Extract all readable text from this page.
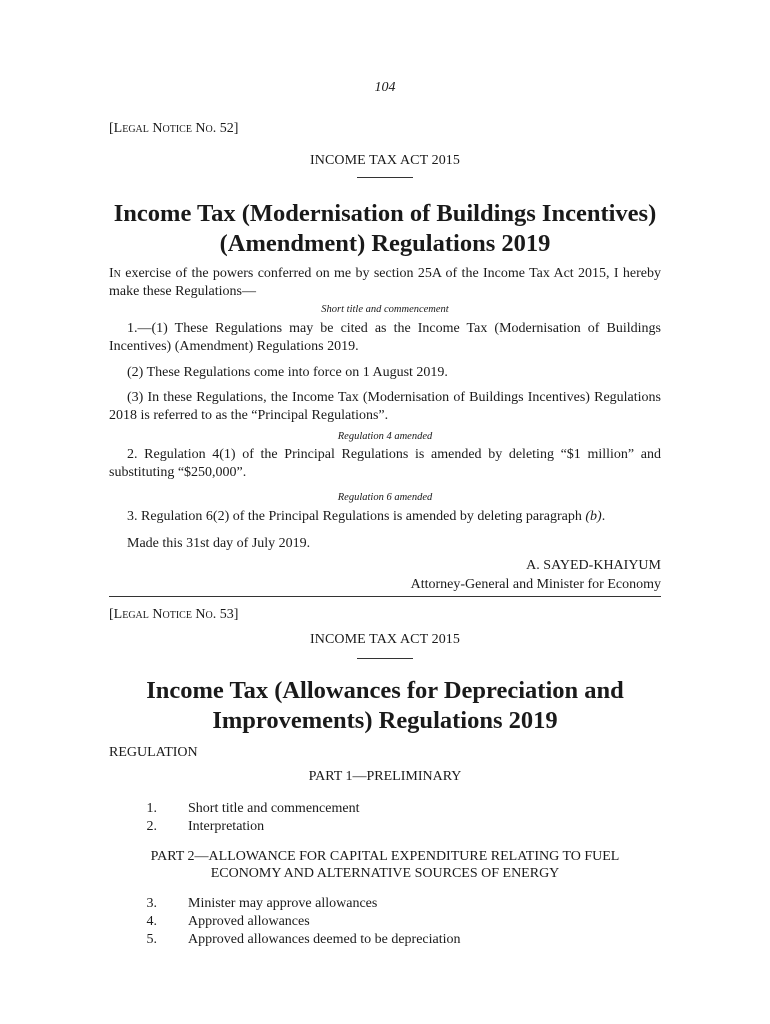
104
[Legal Notice No. 52]
INCOME TAX ACT 2015
Income Tax (Modernisation of Buildings Incentives)
(Amendment) Regulations 2019

In exercise of the powers conferred on me by section 25A of the Income Tax Act 2015, I hereby make these Regulations—

Short title and commencement

1.—(1) These Regulations may be cited as the Income Tax (Modernisation of Buildings Incentives) (Amendment) Regulations 2019.

(2) These Regulations come into force on 1 August 2019.

(3) In these Regulations, the Income Tax (Modernisation of Buildings Incentives) Regulations 2018 is referred to as the “Principal Regulations”.

Regulation 4 amended

2. Regulation 4(1) of the Principal Regulations is amended by deleting “$1 million” and substituting “$250,000”.

Regulation 6 amended

3. Regulation 6(2) of the Principal Regulations is amended by deleting paragraph (b).

Made this 31st day of July 2019.

A. SAYED-KHAIYUM
Attorney-General and Minister for Economy
[Legal Notice No. 53]
INCOME TAX ACT 2015
Income Tax (Allowances for Depreciation and
Improvements) Regulations 2019
REGULATION
PART 1—PRELIMINARY
1. Short title and commencement
2. Interpretation
PART 2—ALLOWANCE FOR CAPITAL EXPENDITURE RELATING TO FUEL
ECONOMY AND ALTERNATIVE SOURCES OF ENERGY
3. Minister may approve allowances
4. Approved allowances
5. Approved allowances deemed to be depreciation
